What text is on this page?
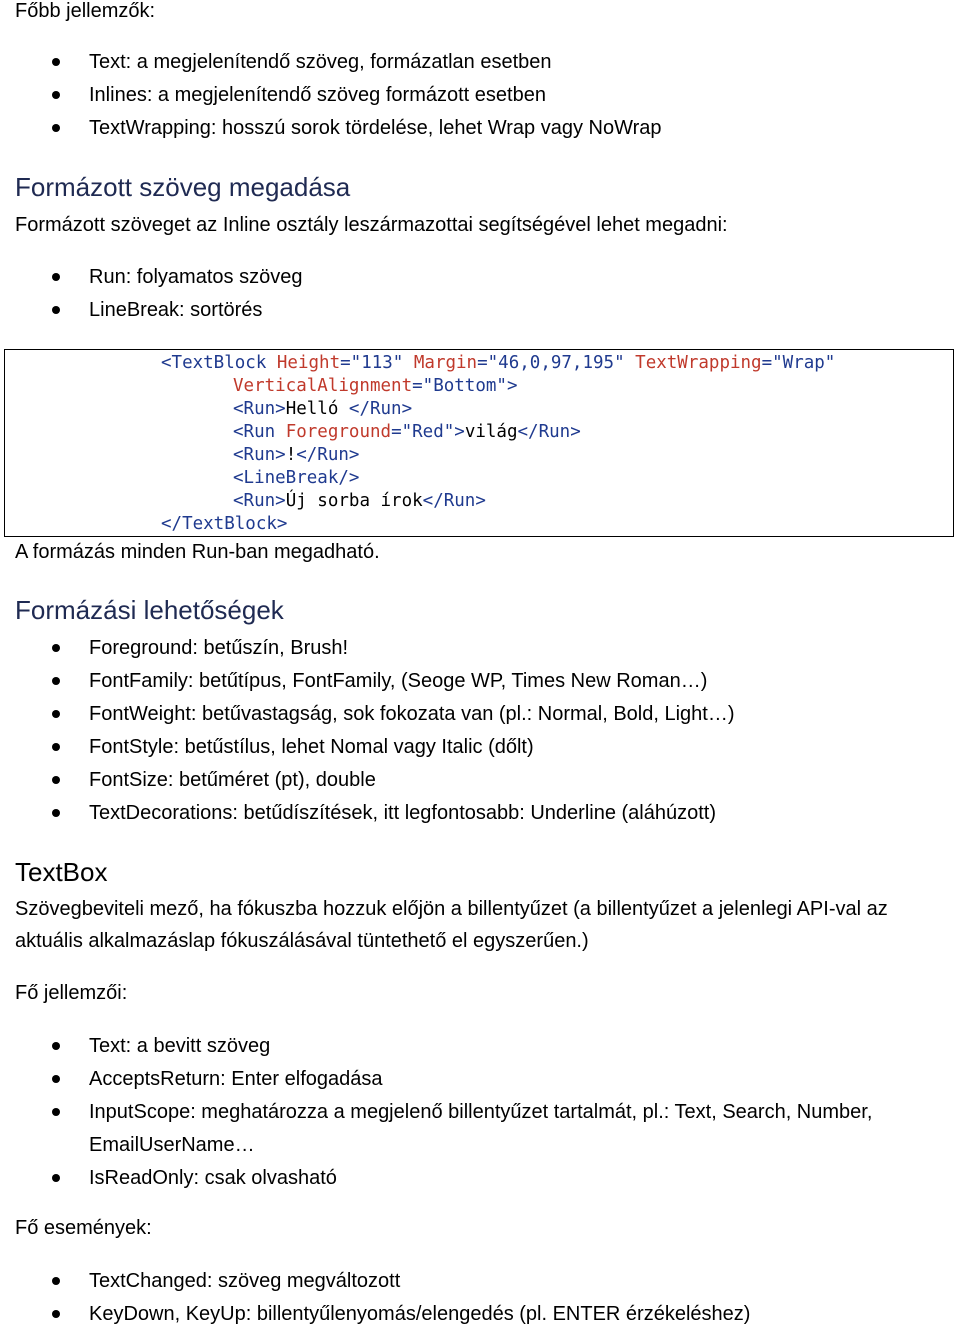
Főbb jellemzők:

Text: a megjelenítendő szöveg, formázatlan esetben
Inlines: a megjelenítendő szöveg formázott esetben
TextWrapping: hosszú sorok tördelése, lehet Wrap vagy NoWrap
Formázott szöveg megadása

Formázott szöveget az Inline osztály leszármazottai segítségével lehet megadni:

Run: folyamatos szöveg
LineBreak: sortörés
<TextBlock Height="113" Margin="46,0,97,195" TextWrapping="Wrap"
VerticalAlignment="Bottom">
<Run>Helló </Run>
<Run Foreground="Red">világ</Run>
<Run>!</Run>
<LineBreak/>
<Run>Új sorba írok</Run>
</TextBlock>

A formázás minden Run-ban megadható.

Formázási lehetőségek
Foreground: betűszín, Brush!
FontFamily: betűtípus, FontFamily, (Seoge WP, Times New Roman…)
FontWeight: betűvastagság, sok fokozata van (pl.: Normal, Bold, Light…)
FontStyle: betűstílus, lehet Nomal vagy Italic (dőlt)
FontSize: betűméret (pt), double
TextDecorations: betűdíszítések, itt legfontosabb: Underline (aláhúzott)
TextBox

Szövegbeviteli mező, ha fókuszba hozzuk előjön a billentyűzet (a billentyűzet a jelenlegi API-val az aktuális alkalmazáslap fókuszálásával tüntethető el egyszerűen.)

Fő jellemzői:

Text: a bevitt szöveg
AcceptsReturn: Enter elfogadása
InputScope: meghatározza a megjelenő billentyűzet tartalmát, pl.: Text, Search, Number, EmailUserName…
IsReadOnly: csak olvasható

Fő események:

TextChanged: szöveg megváltozott
KeyDown, KeyUp: billentyűlenyomás/elengedés (pl. ENTER érzékeléshez)
